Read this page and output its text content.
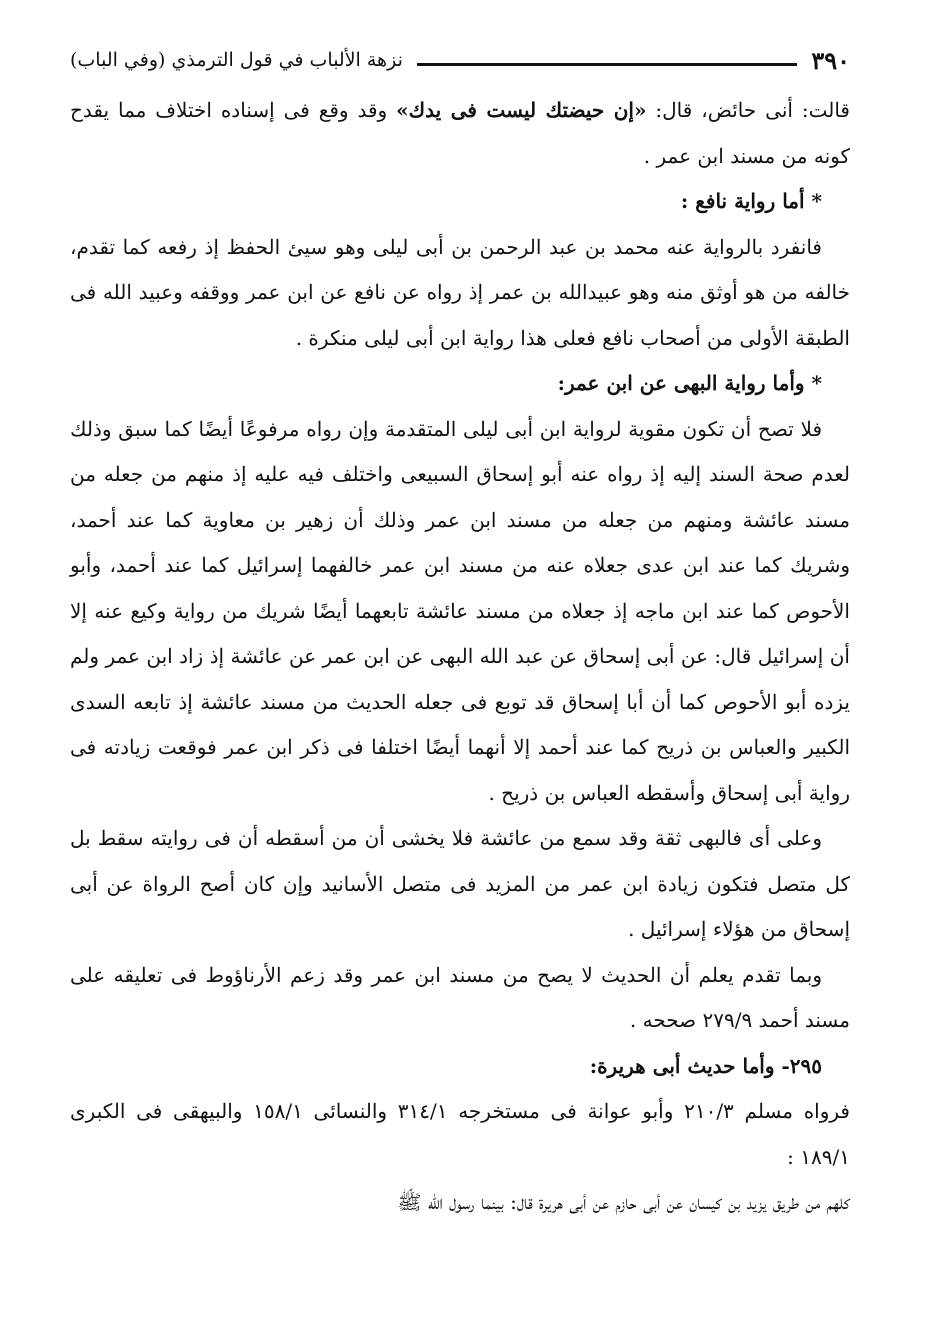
٣٩٠
نزهة الألباب في قول الترمذي (وفي الباب)

قالت: أنى حائض، قال: «إن حيضتك ليست فى يدك» وقد وقع فى إسناده اختلاف مما يقدح كونه من مسند ابن عمر .

* أما رواية نافع :

فانفرد بالرواية عنه محمد بن عبد الرحمن بن أبى ليلى وهو سيئ الحفظ إذ رفعه كما تقدم، خالفه من هو أوثق منه وهو عبيدالله بن عمر إذ رواه عن نافع عن ابن عمر ووقفه وعبيد الله فى الطبقة الأولى من أصحاب نافع فعلى هذا رواية ابن أبى ليلى منكرة .

* وأما رواية البهى عن ابن عمر:

فلا تصح أن تكون مقوية لرواية ابن أبى ليلى المتقدمة وإن رواه مرفوعًا أيضًا كما سبق وذلك لعدم صحة السند إليه إذ رواه عنه أبو إسحاق السبيعى واختلف فيه عليه إذ منهم من جعله من مسند عائشة ومنهم من جعله من مسند ابن عمر وذلك أن زهير بن معاوية كما عند أحمد، وشريك كما عند ابن عدى جعلاه عنه من مسند ابن عمر خالفهما إسرائيل كما عند أحمد، وأبو الأحوص كما عند ابن ماجه إذ جعلاه من مسند عائشة تابعهما أيضًا شريك من رواية وكيع عنه إلا أن إسرائيل قال: عن أبى إسحاق عن عبد الله البهى عن ابن عمر عن عائشة إذ زاد ابن عمر ولم يزده أبو الأحوص كما أن أبا إسحاق قد توبع فى جعله الحديث من مسند عائشة إذ تابعه السدى الكبير والعباس بن ذريح كما عند أحمد إلا أنهما أيضًا اختلفا فى ذكر ابن عمر فوقعت زيادته فى رواية أبى إسحاق وأسقطه العباس بن ذريح .

وعلى أى فالبهى ثقة وقد سمع من عائشة فلا يخشى أن من أسقطه أن فى روايته سقط بل كل متصل فتكون زيادة ابن عمر من المزيد فى متصل الأسانيد وإن كان أصح الرواة عن أبى إسحاق من هؤلاء إسرائيل .

وبما تقدم يعلم أن الحديث لا يصح من مسند ابن عمر وقد زعم الأرناؤوط فى تعليقه على مسند أحمد ٢٧٩/٩ صححه .

٢٩٥- وأما حديث أبى هريرة:

فرواه مسلم ٢١٠/٣ وأبو عوانة فى مستخرجه ٣١٤/١ والنسائى ١٥٨/١ والبيهقى فى الكبرى ١٨٩/١ :

كلهم من طريق يزيد بن كيسان عن أبى حازم عن أبى هريرة قال: بينما رسول الله ﷺ
